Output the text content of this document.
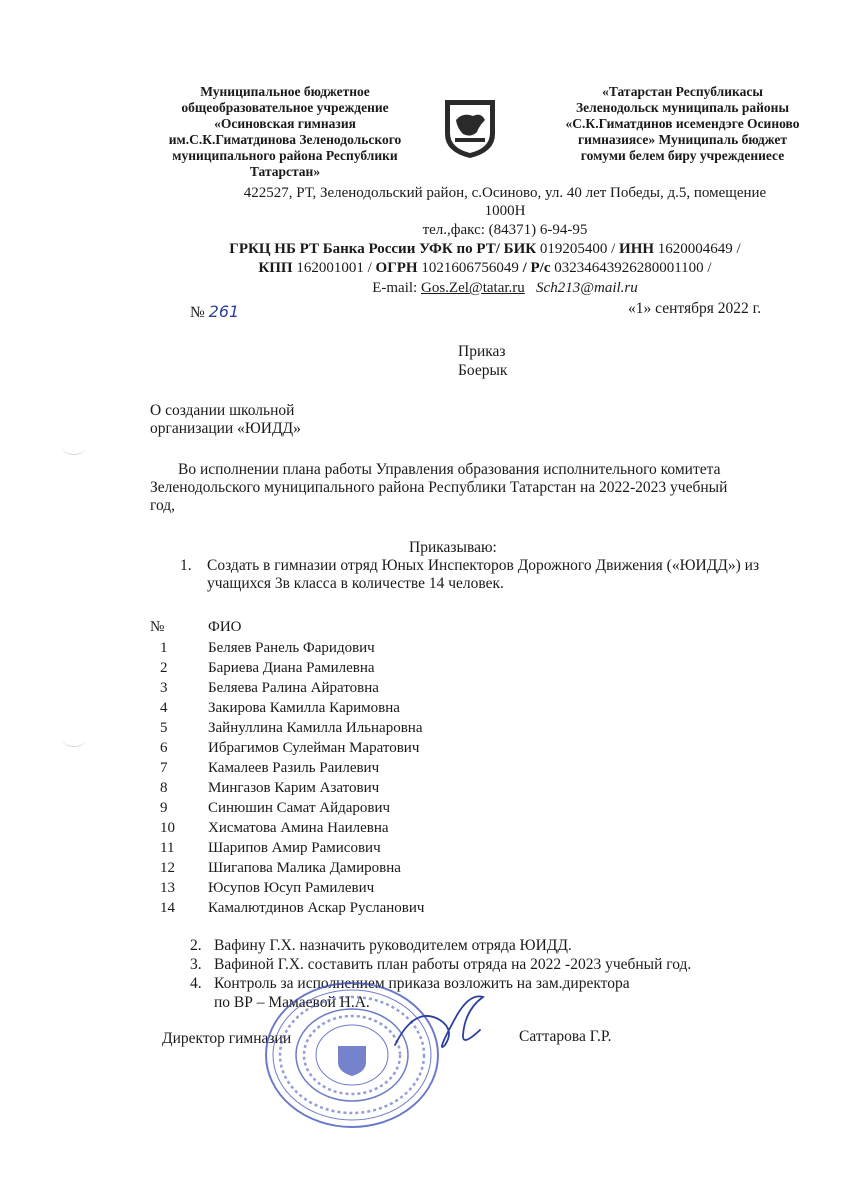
Муниципальное бюджетное
общеобразовательное учреждение
«Осиновская гимназия
им.С.К.Гиматдинова Зеленодольского
муниципального района Республики
Татарстан»
«Татарстан Республикасы
Зеленодольск муниципаль районы
«С.К.Гиматдинов исемендэге Осиново
гимназиясе» Муниципаль бюджет
гомуми белем биру учреждениесе
422527, РТ, Зеленодольский район, с.Осиново, ул. 40 лет Победы, д.5, помещение
1000Н
тел.,факс: (84371) 6-94-95
ГРКЦ НБ РТ Банка России УФК по РТ/ БИК 019205400 / ИНН 1620004649 /
КПП 162001001 / ОГРН 1021606756049 / Р/с 03234643926280001100 /
E-mail: Gos.Zel@tatar.ru Sch213@mail.ru
№ 261	«1» сентября 2022 г.
Приказ
Боерык
О создании школьной
организации «ЮИДД»
Во исполнении плана работы Управления образования исполнительного комитета
Зеленодольского муниципального района Республики Татарстан на 2022-2023 учебный
год,
Приказываю:
1. Создать в гимназии отряд Юных Инспекторов Дорожного Движения («ЮИДД») из
учащихся 3в класса в количестве 14 человек.
№	ФИО
1	Беляев Ранель Фаридович
2	Бариева Диана Рамилевна
3	Беляева Ралина Айратовна
4	Закирова Камилла Каримовна
5	Зайнуллина Камилла Ильнаровна
6	Ибрагимов Сулейман Маратович
7	Камалеев Разиль Раилевич
8	Мингазов Карим Азатович
9	Синюшин Самат Айдарович
10	Хисматова Амина Наилевна
11	Шарипов Амир Рамисович
12	Шигапова Малика Дамировна
13	Юсупов Юсуп Рамилевич
14	Камалютдинов Аскар Русланович
2. Вафину Г.Х. назначить руководителем отряда ЮИДД.
3. Вафиной Г.Х. составить план работы отряда на 2022 -2023 учебный год.
4. Контроль за исполнением приказа возложить на зам.директора
по ВР – Мамаевой Н.А.
Директор гимназии	Саттарова Г.Р.
